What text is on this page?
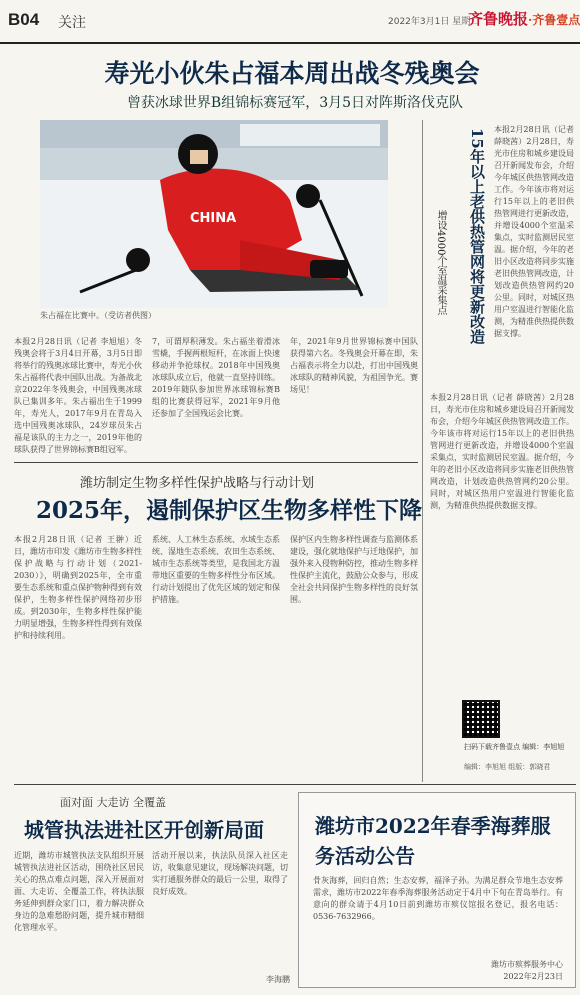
B04 关注	2022年3月1日 星期二
齐鲁晚报·齐鲁壹点
寿光小伙朱占福本周出战冬残奥会
曾获冰球世界B组锦标赛冠军，3月5日对阵斯洛伐克队
CHINA
朱占福在比赛中。（受访者供图）
本报2月28日讯（记者 李旭旭）冬残奥会将于3月4日开幕，3月5日即将举行的残奥冰球比赛中，寿光小伙朱占福将代表中国队出战。为备战北京2022年冬残奥会，中国残奥冰球队已集训多年。朱占福出生于1999年，寿光人，2017年9月在青岛入选中国残奥冰球队，24岁球员朱占福是该队的主力之一，2019年他的球队获得了世界锦标赛B组冠军。
7，可谓厚积薄发。朱占福坐着滑冰雪橇，手握两根短杆，在冰面上快速移动并争抢球权。2018年中国残奥冰球队成立后，他就一直坚持训练。2019年随队参加世界冰球锦标赛B组的比赛获得冠军，2021年9月他还参加了全国残运会比赛。
年，2021年9月世界锦标赛中国队获得第六名。冬残奥会开幕在即，朱占福表示将全力以赴，打出中国残奥冰球队的精神风貌，为祖国争光。赛场见！
15年以上老供热管网将更新改造
增设4000个室温采集点
本报2月28日讯（记者 薛晓茜）2月28日，寿光市住房和城乡建设局召开新闻发布会，介绍今年城区供热管网改造工作。今年该市将对运行15年以上的老旧供热管网进行更新改造，并增设4000个室温采集点，实时监测居民室温。据介绍，今年的老旧小区改造将同步实施老旧供热管网改造，计划改造供热管网约20公里。同时，对城区热用户室温进行智能化监测，为精准供热提供数据支撑。
本报2月28日讯（记者 薛晓茜）2月28日，寿光市住房和城乡建设局召开新闻发布会，介绍今年城区供热管网改造工作。今年该市将对运行15年以上的老旧供热管网进行更新改造，并增设4000个室温采集点，实时监测居民室温。据介绍，今年的老旧小区改造将同步实施老旧供热管网改造，计划改造供热管网约20公里。同时，对城区热用户室温进行智能化监测，为精准供热提供数据支撑。
潍坊制定生物多样性保护战略与行动计划
2025年，遏制保护区生物多样性下降
本报2月28日讯（记者 王翀）近日，潍坊市印发《潍坊市生物多样性保护战略与行动计划（2021-2030）》，明确到2025年，全市重要生态系统和重点保护物种得到有效保护，生物多样性保护网络初步形成。到2030年，生物多样性保护能力明显增强，生物多样性得到有效保护和持续利用。
系统、人工林生态系统、水域生态系统、湿地生态系统、农田生态系统、城市生态系统等类型，是我国北方温带地区重要的生物多样性分布区域。行动计划提出了优先区域的划定和保护措施。
保护区内生物多样性调查与监测体系建设，强化就地保护与迁地保护，加强外来入侵物种防控，推动生物多样性保护主流化，鼓励公众参与，形成全社会共同保护生物多样性的良好氛围。
扫码下载齐鲁壹点 编辑：李旭旭
编辑：李旭旭 组版：郭晓君
面对面 大走访 全覆盖
城管执法进社区开创新局面
近期，潍坊市城管执法支队组织开展城管执法进社区活动，围绕社区居民关心的热点难点问题，深入开展面对面、大走访、全覆盖工作，将执法服务延伸到群众家门口，着力解决群众身边的急难愁盼问题，提升城市精细化管理水平。
活动开展以来，执法队员深入社区走访，收集意见建议，现场解决问题，切实打通服务群众的最后一公里，取得了良好成效。
李海鹏
潍坊市2022年春季海葬服务活动公告
骨灰海葬，回归自然；生态安葬，福泽子孙。为满足群众节地生态安葬需求，潍坊市2022年春季海葬服务活动定于4月中下旬在青岛举行。有意向的群众请于4月10日前到潍坊市殡仪馆报名登记，报名电话：0536-7632966。
潍坊市殡葬服务中心
2022年2月23日
